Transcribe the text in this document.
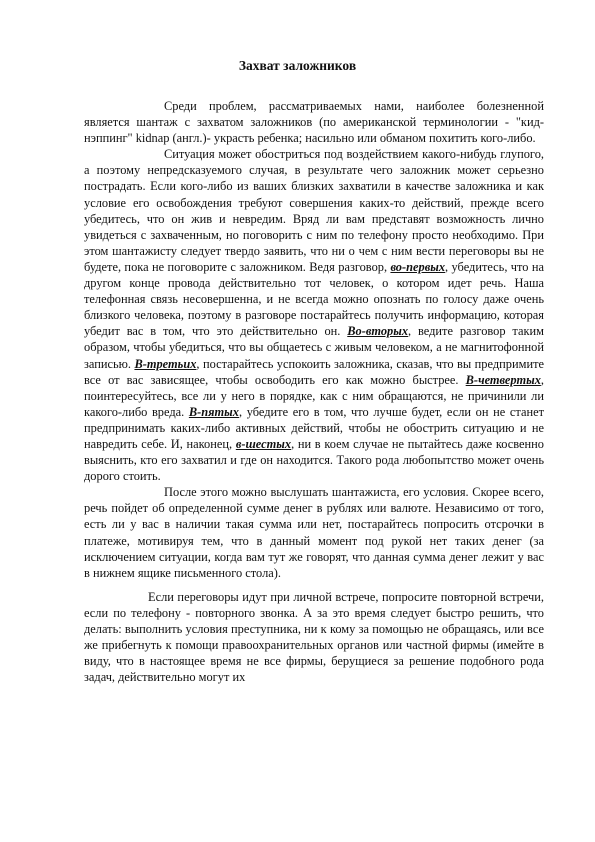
Захват заложников

Среди проблем, рассматриваемых нами, наиболее болезненной является шантаж с захватом заложников (по американской терминологии - "кид-нэппинг" kidnap (англ.)- украсть ребенка; насильно или обманом похитить кого-либо.

Ситуация может обостриться под воздействием какого-нибудь глупого, а поэтому непредсказуемого случая, в результате чего заложник может серьезно пострадать. Если кого-либо из ваших близких захватили в качестве заложника и как условие его освобождения требуют совершения каких-то действий, прежде всего убедитесь, что он жив и невредим. Вряд ли вам представят возможность лично увидеться с захваченным, но поговорить с ним по телефону просто необходимо. При этом шантажисту следует твердо заявить, что ни о чем с ним вести переговоры вы не будете, пока не поговорите с заложником. Ведя разговор, во-первых, убедитесь, что на другом конце провода действительно тот человек, о котором идет речь. Наша телефонная связь несовершенна, и не всегда можно опознать по голосу даже очень близкого человека, поэтому в разговоре постарайтесь получить информацию, которая убедит вас в том, что это действительно он. Во-вторых, ведите разговор таким образом, чтобы убедиться, что вы общаетесь с живым человеком, а не магнитофонной записью. В-третьих, постарайтесь успокоить заложника, сказав, что вы предпримите все от вас зависящее, чтобы освободить его как можно быстрее. В-четвертых, поинтересуйтесь, все ли у него в порядке, как с ним обращаются, не причинили ли какого-либо вреда. В-пятых, убедите его в том, что лучше будет, если он не станет предпринимать каких-либо активных действий, чтобы не обострить ситуацию и не навредить себе. И, наконец, в-шестых, ни в коем случае не пытайтесь даже косвенно выяснить, кто его захватил и где он находится. Такого рода любопытство может очень дорого стоить.

После этого можно выслушать шантажиста, его условия. Скорее всего, речь пойдет об определенной сумме денег в рублях или валюте. Независимо от того, есть ли у вас в наличии такая сумма или нет, постарайтесь попросить отсрочки в платеже, мотивируя тем, что в данный момент под рукой нет таких денег (за исключением ситуации, когда вам тут же говорят, что данная сумма денег лежит у вас в нижнем ящике письменного стола).

Если переговоры идут при личной встрече, попросите повторной встречи, если по телефону - повторного звонка. А за это время следует быстро решить, что делать: выполнить условия преступника, ни к кому за помощью не обращаясь, или все же прибегнуть к помощи правоохранительных органов или частной фирмы (имейте в виду, что в настоящее время не все фирмы, берущиеся за решение подобного рода задач, действительно могут их
